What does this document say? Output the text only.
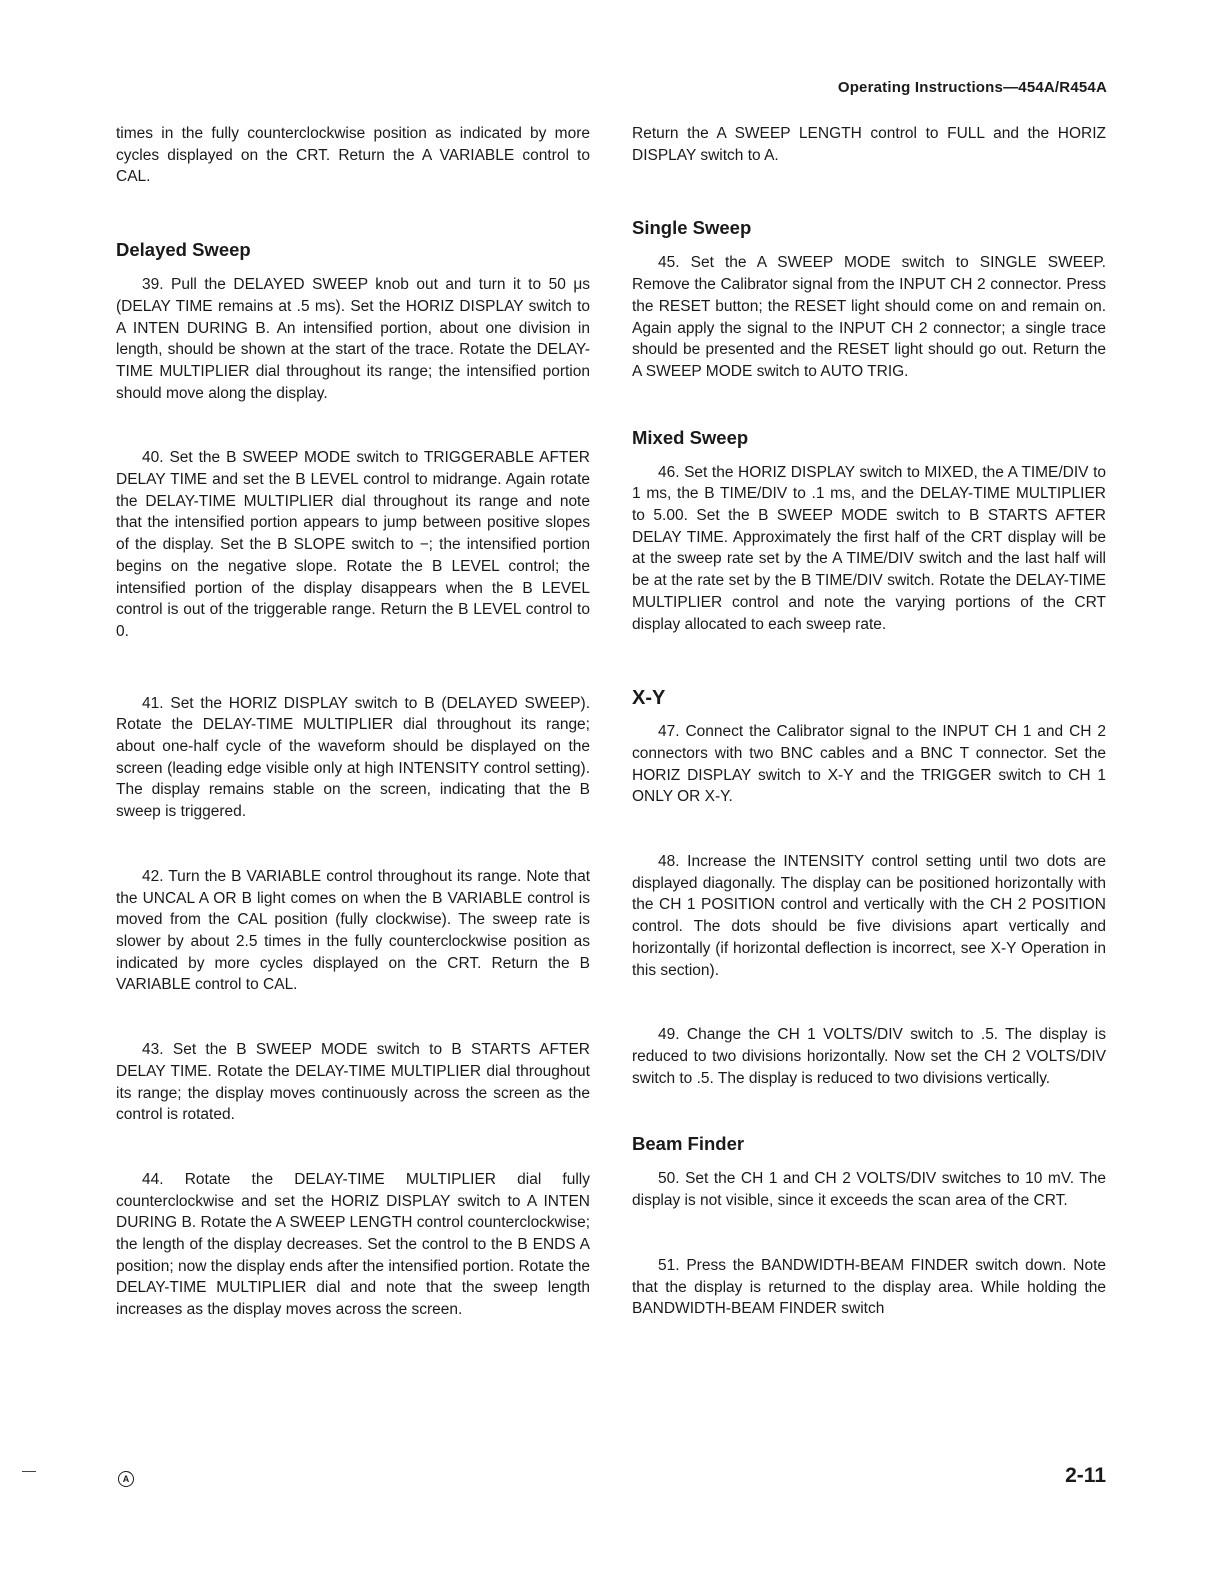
Operating Instructions—454A/R454A

times in the fully counterclockwise position as indicated by more cycles displayed on the CRT. Return the A VARIABLE control to CAL.

Delayed Sweep

39. Pull the DELAYED SWEEP knob out and turn it to 50 μs (DELAY TIME remains at .5 ms). Set the HORIZ DISPLAY switch to A INTEN DURING B. An intensified portion, about one division in length, should be shown at the start of the trace. Rotate the DELAY-TIME MULTIPLIER dial throughout its range; the intensified portion should move along the display.

40. Set the B SWEEP MODE switch to TRIGGERABLE AFTER DELAY TIME and set the B LEVEL control to midrange. Again rotate the DELAY-TIME MULTIPLIER dial throughout its range and note that the intensified portion appears to jump between positive slopes of the display. Set the B SLOPE switch to −; the intensified portion begins on the negative slope. Rotate the B LEVEL control; the intensified portion of the display disappears when the B LEVEL control is out of the triggerable range. Return the B LEVEL control to 0.

41. Set the HORIZ DISPLAY switch to B (DELAYED SWEEP). Rotate the DELAY-TIME MULTIPLIER dial throughout its range; about one-half cycle of the waveform should be displayed on the screen (leading edge visible only at high INTENSITY control setting). The display remains stable on the screen, indicating that the B sweep is triggered.

42. Turn the B VARIABLE control throughout its range. Note that the UNCAL A OR B light comes on when the B VARIABLE control is moved from the CAL position (fully clockwise). The sweep rate is slower by about 2.5 times in the fully counterclockwise position as indicated by more cycles displayed on the CRT. Return the B VARIABLE control to CAL.

43. Set the B SWEEP MODE switch to B STARTS AFTER DELAY TIME. Rotate the DELAY-TIME MULTIPLIER dial throughout its range; the display moves continuously across the screen as the control is rotated.

44. Rotate the DELAY-TIME MULTIPLIER dial fully counterclockwise and set the HORIZ DISPLAY switch to A INTEN DURING B. Rotate the A SWEEP LENGTH control counterclockwise; the length of the display decreases. Set the control to the B ENDS A position; now the display ends after the intensified portion. Rotate the DELAY-TIME MULTIPLIER dial and note that the sweep length increases as the display moves across the screen.

Return the A SWEEP LENGTH control to FULL and the HORIZ DISPLAY switch to A.

Single Sweep

45. Set the A SWEEP MODE switch to SINGLE SWEEP. Remove the Calibrator signal from the INPUT CH 2 connector. Press the RESET button; the RESET light should come on and remain on. Again apply the signal to the INPUT CH 2 connector; a single trace should be presented and the RESET light should go out. Return the A SWEEP MODE switch to AUTO TRIG.

Mixed Sweep

46. Set the HORIZ DISPLAY switch to MIXED, the A TIME/DIV to 1 ms, the B TIME/DIV to .1 ms, and the DELAY-TIME MULTIPLIER to 5.00. Set the B SWEEP MODE switch to B STARTS AFTER DELAY TIME. Approximately the first half of the CRT display will be at the sweep rate set by the A TIME/DIV switch and the last half will be at the rate set by the B TIME/DIV switch. Rotate the DELAY-TIME MULTIPLIER control and note the varying portions of the CRT display allocated to each sweep rate.

X-Y

47. Connect the Calibrator signal to the INPUT CH 1 and CH 2 connectors with two BNC cables and a BNC T connector. Set the HORIZ DISPLAY switch to X-Y and the TRIGGER switch to CH 1 ONLY OR X-Y.

48. Increase the INTENSITY control setting until two dots are displayed diagonally. The display can be positioned horizontally with the CH 1 POSITION control and vertically with the CH 2 POSITION control. The dots should be five divisions apart vertically and horizontally (if horizontal deflection is incorrect, see X-Y Operation in this section).

49. Change the CH 1 VOLTS/DIV switch to .5. The display is reduced to two divisions horizontally. Now set the CH 2 VOLTS/DIV switch to .5. The display is reduced to two divisions vertically.

Beam Finder

50. Set the CH 1 and CH 2 VOLTS/DIV switches to 10 mV. The display is not visible, since it exceeds the scan area of the CRT.

51. Press the BANDWIDTH-BEAM FINDER switch down. Note that the display is returned to the display area. While holding the BANDWIDTH-BEAM FINDER switch

A	2-11
